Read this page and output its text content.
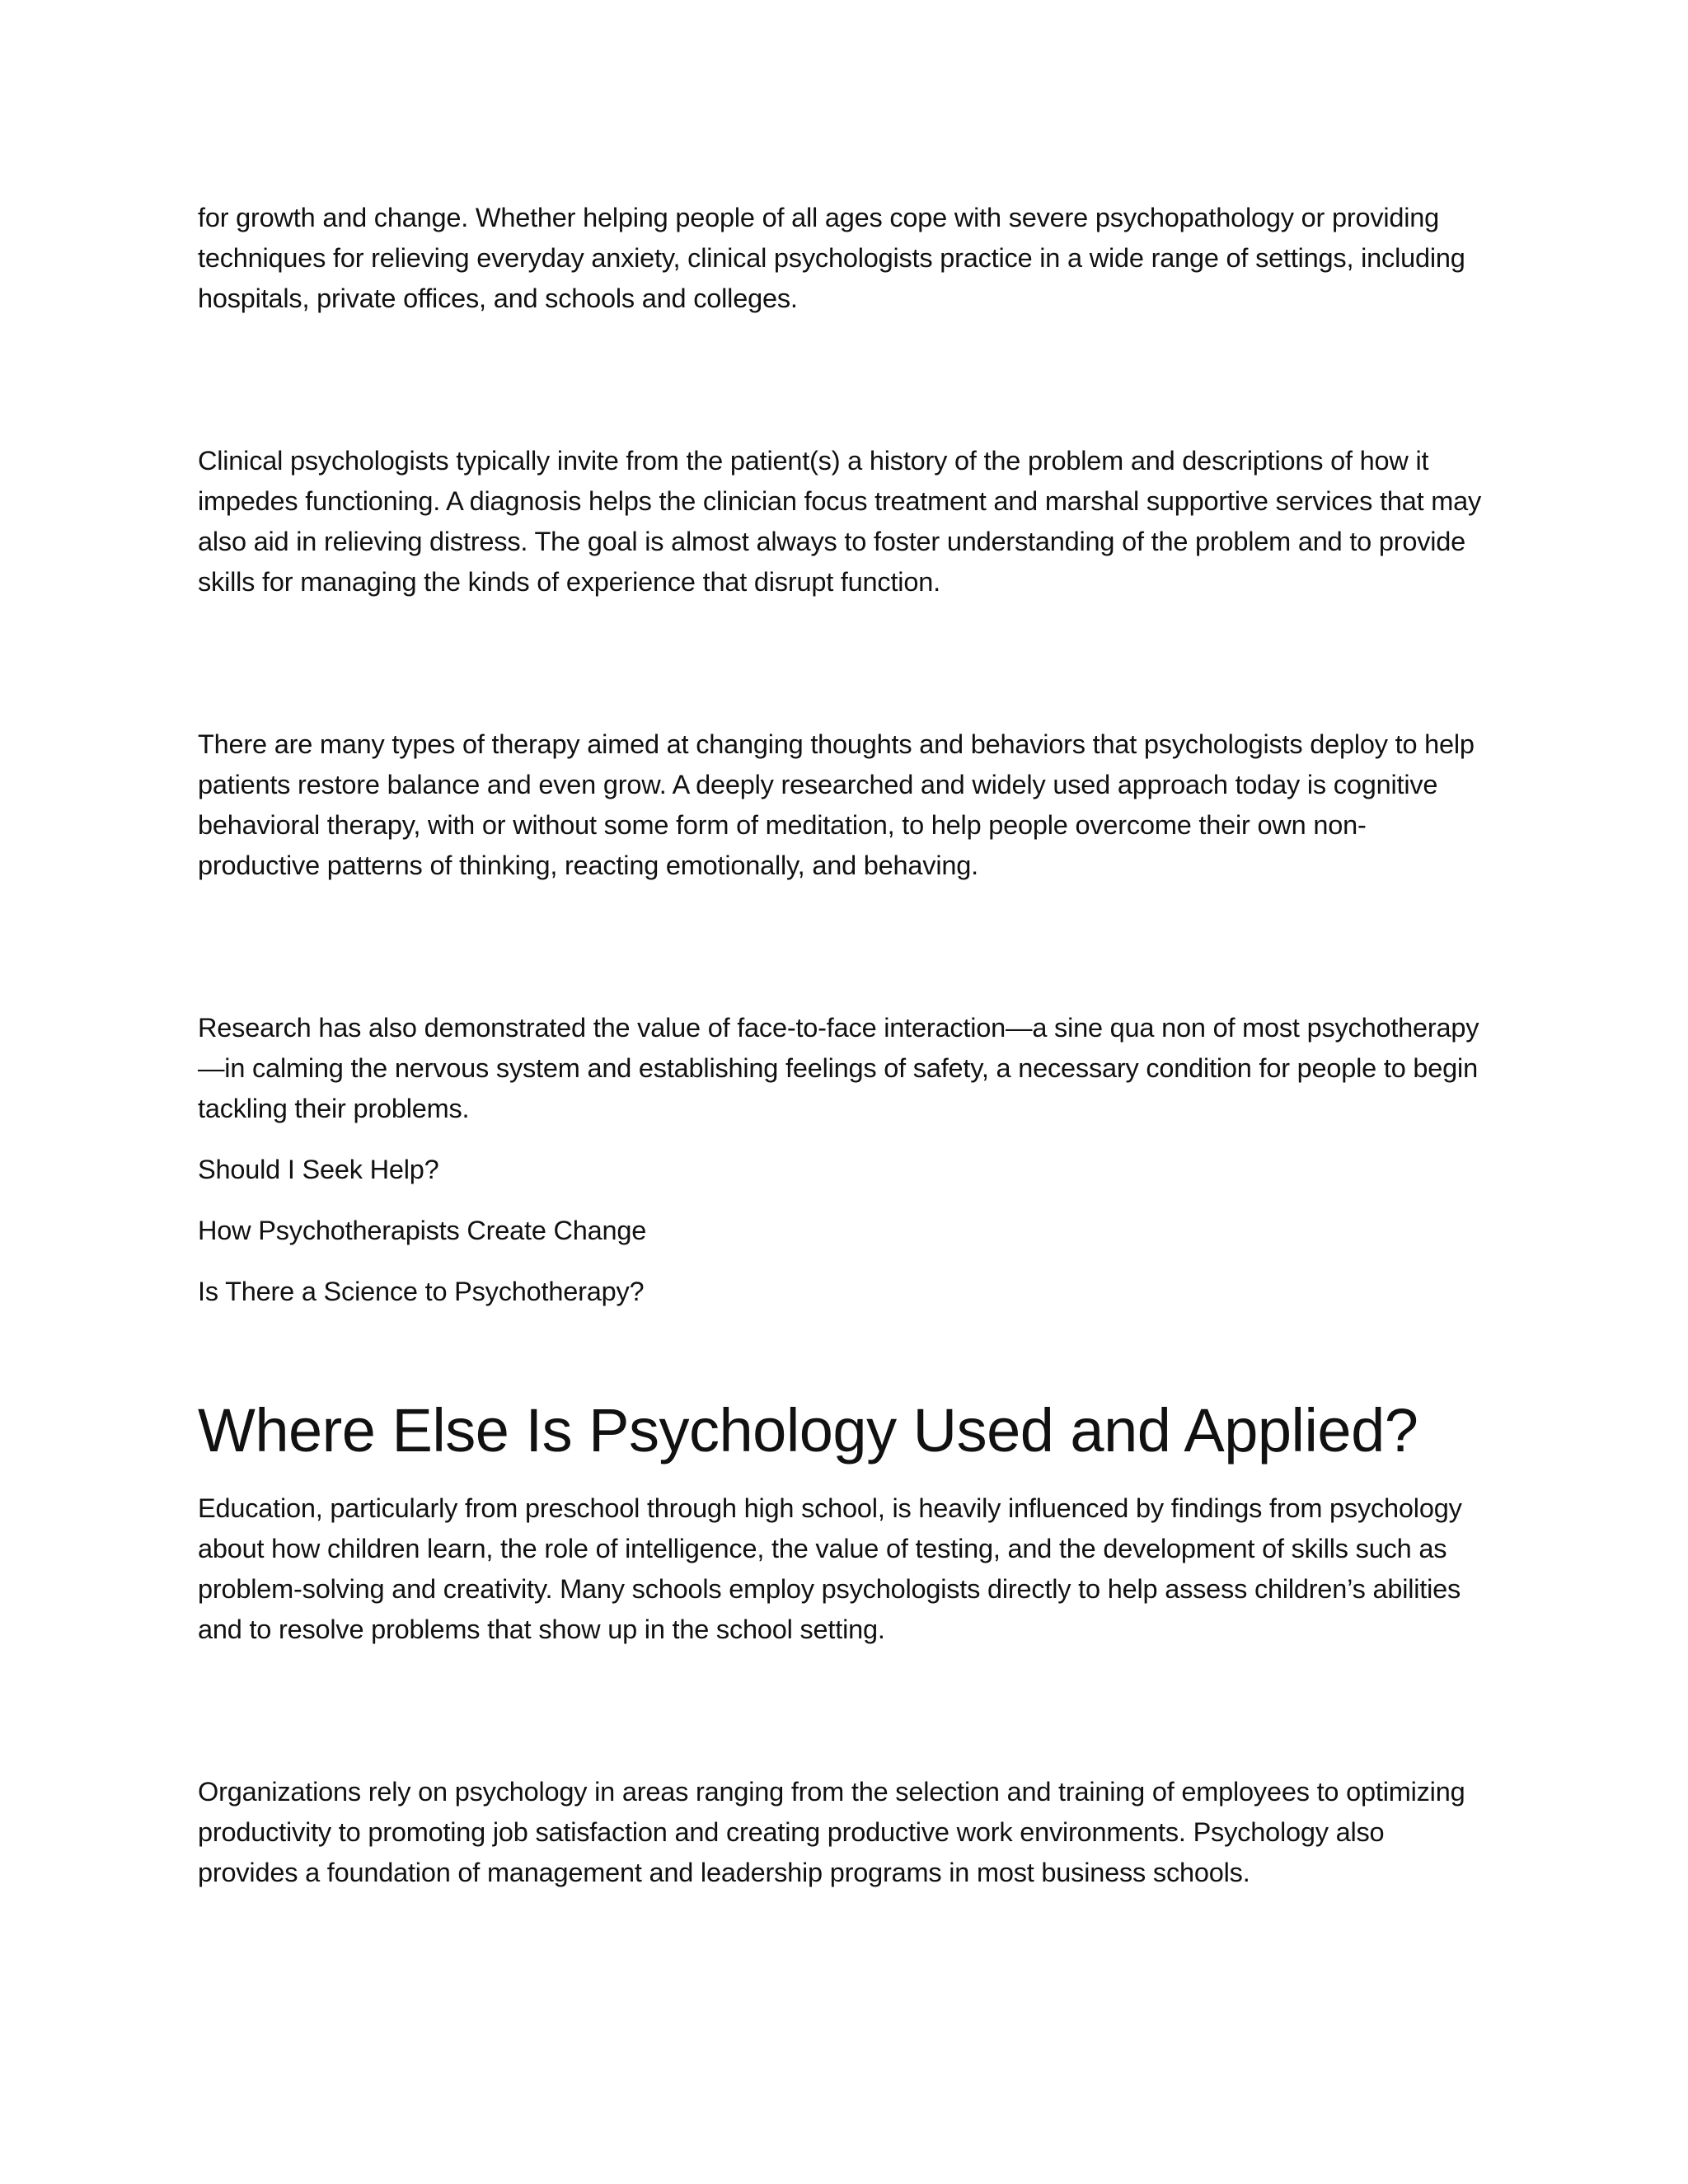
for growth and change. Whether helping people of all ages cope with severe psychopathology or providing techniques for relieving everyday anxiety, clinical psychologists practice in a wide range of settings, including hospitals, private offices, and schools and colleges.

Clinical psychologists typically invite from the patient(s) a history of the problem and descriptions of how it impedes functioning. A diagnosis helps the clinician focus treatment and marshal supportive services that may also aid in relieving distress. The goal is almost always to foster understanding of the problem and to provide skills for managing the kinds of experience that disrupt function.

There are many types of therapy aimed at changing thoughts and behaviors that psychologists deploy to help patients restore balance and even grow. A deeply researched and widely used approach today is cognitive behavioral therapy, with or without some form of meditation, to help people overcome their own non-productive patterns of thinking, reacting emotionally, and behaving.

Research has also demonstrated the value of face-to-face interaction—a sine qua non of most psychotherapy—in calming the nervous system and establishing feelings of safety, a necessary condition for people to begin tackling their problems.

Should I Seek Help?

How Psychotherapists Create Change

Is There a Science to Psychotherapy?

Where Else Is Psychology Used and Applied?

Education, particularly from preschool through high school, is heavily influenced by findings from psychology about how children learn, the role of intelligence, the value of testing, and the development of skills such as problem-solving and creativity. Many schools employ psychologists directly to help assess children’s abilities and to resolve problems that show up in the school setting.

Organizations rely on psychology in areas ranging from the selection and training of employees to optimizing productivity to promoting job satisfaction and creating productive work environments. Psychology also provides a foundation of management and leadership programs in most business schools.
